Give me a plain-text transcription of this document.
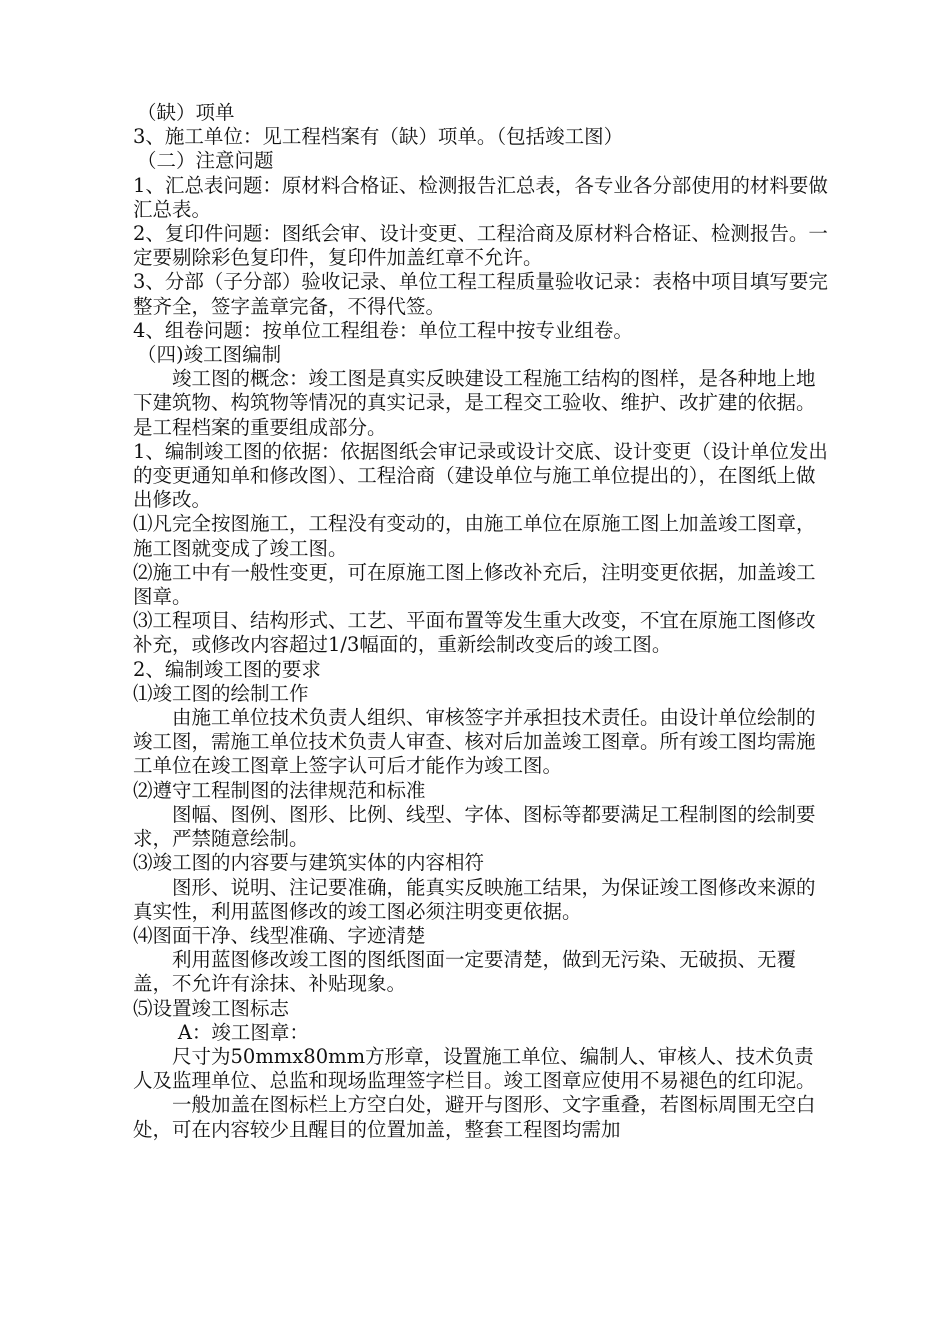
（缺）项单

3、施工单位：见工程档案有（缺）项单。（包括竣工图）

（二）注意问题

1、汇总表问题：原材料合格证、检测报告汇总表，各专业各分部使用的材料要做汇总表。

2、复印件问题：图纸会审、设计变更、工程洽商及原材料合格证、检测报告。一定要剔除彩色复印件，复印件加盖红章不允许。

3、分部（子分部）验收记录、单位工程工程质量验收记录：表格中项目填写要完整齐全，签字盖章完备，不得代签。

4、组卷问题：按单位工程组卷：单位工程中按专业组卷。

（四)竣工图编制

竣工图的概念：竣工图是真实反映建设工程施工结构的图样，是各种地上地下建筑物、构筑物等情况的真实记录，是工程交工验收、维护、改扩建的依据。是工程档案的重要组成部分。

1、编制竣工图的依据：依据图纸会审记录或设计交底、设计变更（设计单位发出的变更通知单和修改图）、工程洽商（建设单位与施工单位提出的），在图纸上做出修改。

⑴凡完全按图施工，工程没有变动的，由施工单位在原施工图上加盖竣工图章，施工图就变成了竣工图。

⑵施工中有一般性变更，可在原施工图上修改补充后，注明变更依据，加盖竣工图章。

⑶工程项目、结构形式、工艺、平面布置等发生重大改变，不宜在原施工图修改补充，或修改内容超过1/3幅面的，重新绘制改变后的竣工图。

2、编制竣工图的要求

⑴竣工图的绘制工作

由施工单位技术负责人组织、审核签字并承担技术责任。由设计单位绘制的竣工图，需施工单位技术负责人审查、核对后加盖竣工图章。所有竣工图均需施工单位在竣工图章上签字认可后才能作为竣工图。

⑵遵守工程制图的法律规范和标准

图幅、图例、图形、比例、线型、字体、图标等都要满足工程制图的绘制要求，严禁随意绘制。

⑶竣工图的内容要与建筑实体的内容相符

图形、说明、注记要准确，能真实反映施工结果，为保证竣工图修改来源的真实性，利用蓝图修改的竣工图必须注明变更依据。

⑷图面干净、线型准确、字迹清楚

利用蓝图修改竣工图的图纸图面一定要清楚，做到无污染、无破损、无覆盖，不允许有涂抹、补贴现象。

⑸设置竣工图标志

A：竣工图章：

尺寸为50mmx80mm方形章，设置施工单位、编制人、审核人、技术负责人及监理单位、总监和现场监理签字栏目。竣工图章应使用不易褪色的红印泥。

一般加盖在图标栏上方空白处，避开与图形、文字重叠，若图标周围无空白处，可在内容较少且醒目的位置加盖，整套工程图均需加
